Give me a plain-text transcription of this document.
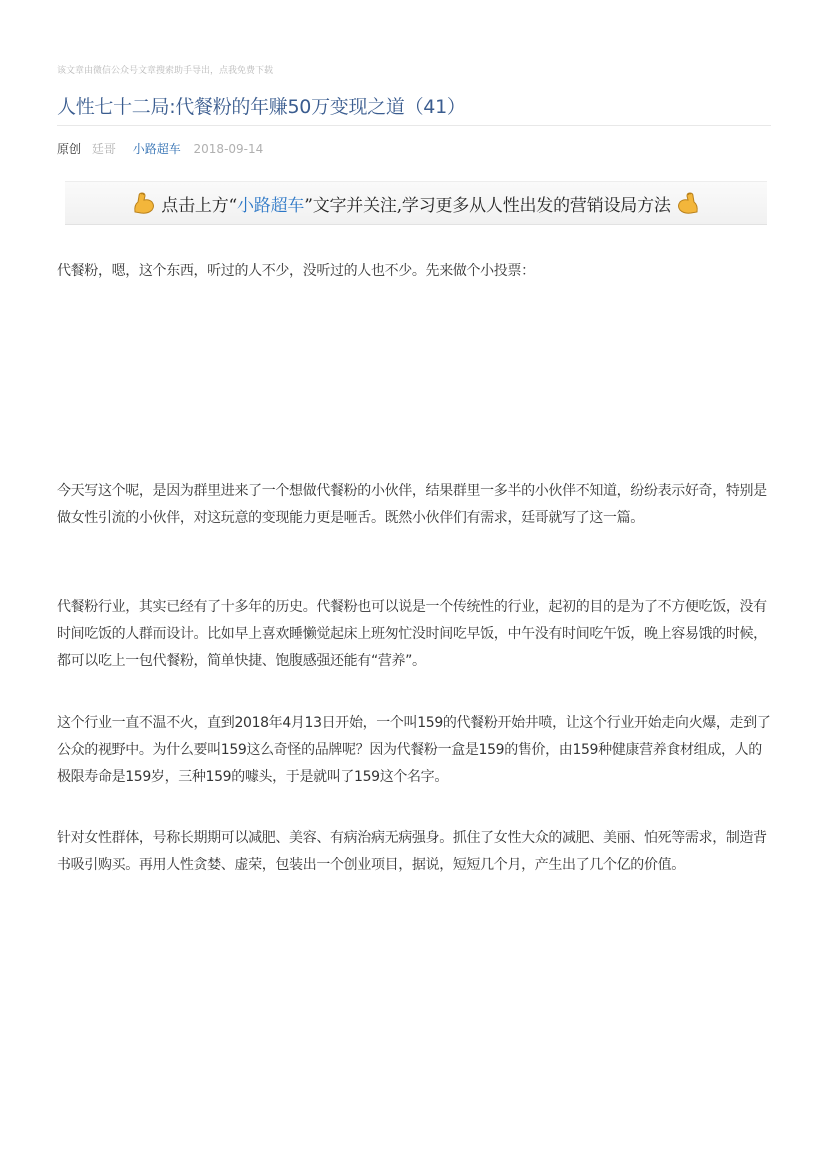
该文章由微信公众号文章搜索助手导出，点我免费下载
人性七十二局:代餐粉的年赚50万变现之道（41）
原创 廷哥 小路超车 2018-09-14
点击上方“小路超车”文字并关注,学习更多从人性出发的营销设局方法

代餐粉，嗯，这个东西，听过的人不少，没听过的人也不少。先来做个小投票：

今天写这个呢，是因为群里进来了一个想做代餐粉的小伙伴，结果群里一多半的小伙伴不知道，纷纷表示好奇，特别是做女性引流的小伙伴，对这玩意的变现能力更是咂舌。既然小伙伴们有需求，廷哥就写了这一篇。

代餐粉行业，其实已经有了十多年的历史。代餐粉也可以说是一个传统性的行业，起初的目的是为了不方便吃饭，没有时间吃饭的人群而设计。比如早上喜欢睡懒觉起床上班匆忙没时间吃早饭，中午没有时间吃午饭，晚上容易饿的时候，都可以吃上一包代餐粉，简单快捷、饱腹感强还能有“营养”。

这个行业一直不温不火，直到2018年4月13日开始，一个叫159的代餐粉开始井喷，让这个行业开始走向火爆，走到了公众的视野中。为什么要叫159这么奇怪的品牌呢？因为代餐粉一盒是159的售价，由159种健康营养食材组成，人的极限寿命是159岁，三种159的噱头，于是就叫了159这个名字。

针对女性群体，号称长期期可以减肥、美容、有病治病无病强身。抓住了女性大众的减肥、美丽、怕死等需求，制造背书吸引购买。再用人性贪婪、虚荣，包装出一个创业项目，据说，短短几个月，产生出了几个亿的价值。
